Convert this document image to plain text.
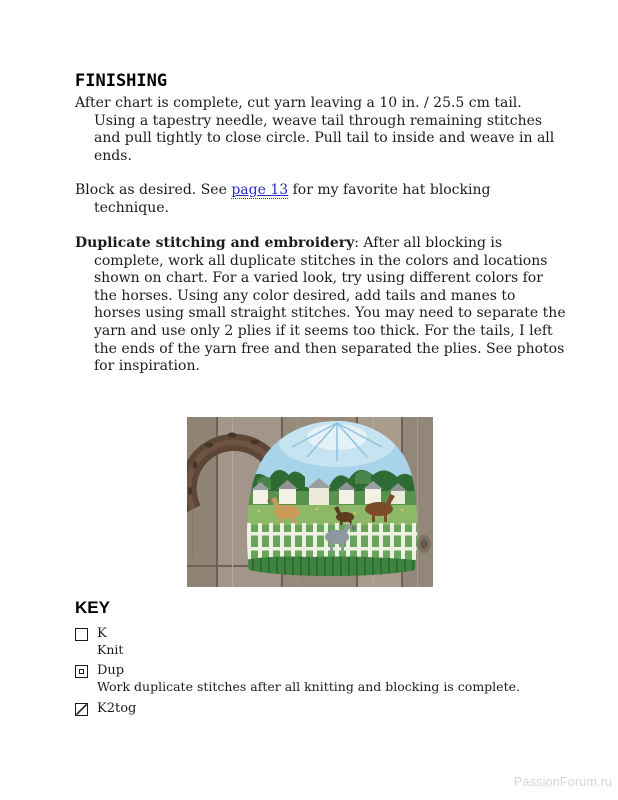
FINISHING
After chart is complete, cut yarn leaving a 10 in. / 25.5 cm tail. Using a tapestry needle, weave tail through remaining stitches and pull tightly to close circle. Pull tail to inside and weave in all ends.
Block as desired. See page 13 for my favorite hat blocking technique.
Duplicate stitching and embroidery: After all blocking is complete, work all duplicate stitches in the colors and locations shown on chart. For a varied look, try using different colors for the horses. Using any color desired, add tails and manes to horses using small straight stitches. You may need to separate the yarn and use only 2 plies if it seems too thick. For the tails, I left the ends of the yarn free and then separated the plies. See photos for inspiration.
KEY
K
Knit
Dup
Work duplicate stitches after all knitting and blocking is complete.
K2tog
PassionForum.ru
